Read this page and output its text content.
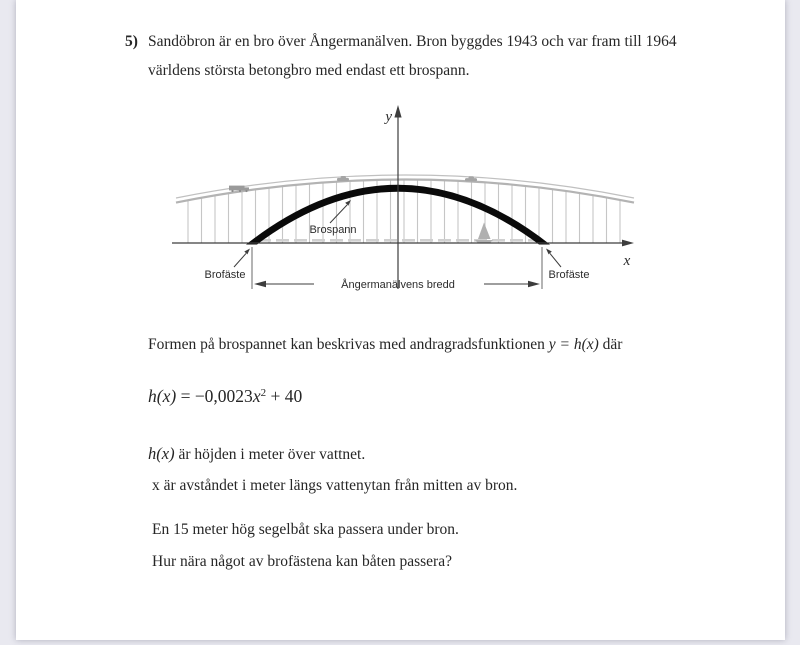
5) Sandöbron är en bro över Ångermanälven. Bron byggdes 1943 och var fram till 1964
världens största betongbro med endast ett brospann.
y
x
Brospann
Brofäste	Brofäste
Ångermanälvens bredd
Formen på brospannet kan beskrivas med andragradsfunktionen y = h(x) där
$h(x) = -0,0023x^2 + 40$
h(x) är höjden i meter över vattnet.
x är avståndet i meter längs vattenytan från mitten av bron.
En 15 meter hög segelbåt ska passera under bron.
Hur nära något av brofästena kan båten passera?
